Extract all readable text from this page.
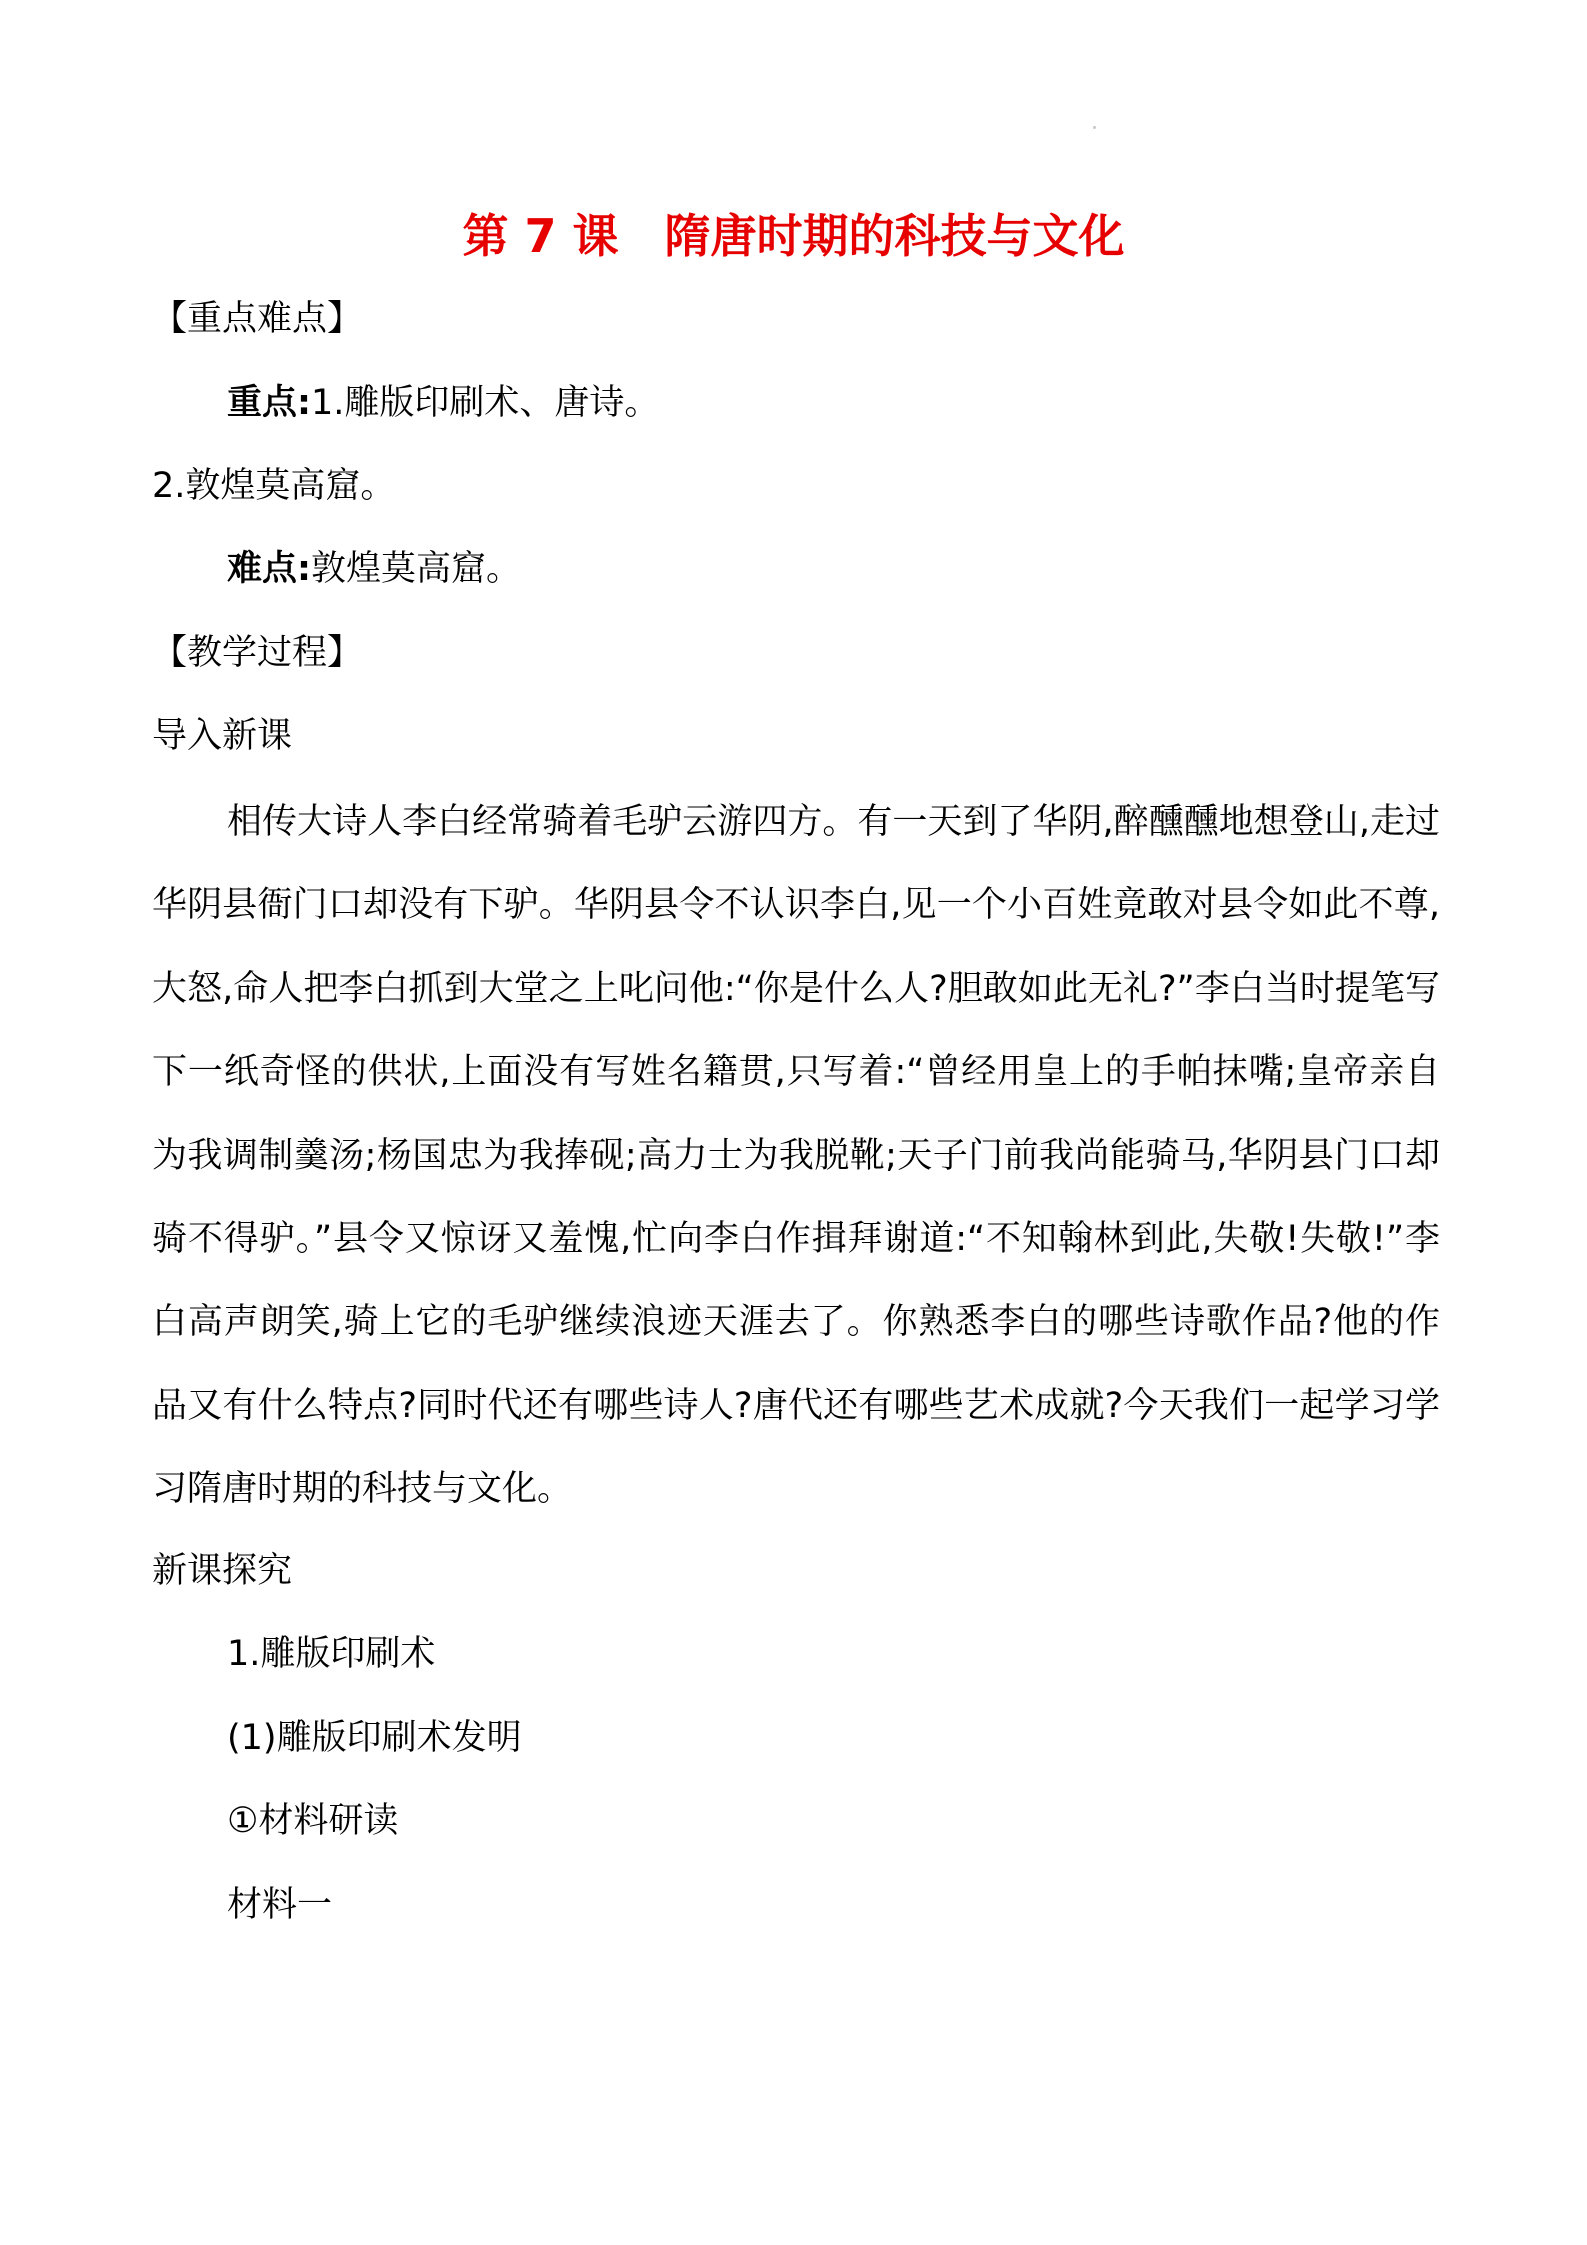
第 7 课 隋唐时期的科技与文化
【重点难点】
重点:1.雕版印刷术、唐诗。
2.敦煌莫高窟。
难点:敦煌莫高窟。
【教学过程】
导入新课

相传大诗人李白经常骑着毛驴云游四方。有一天到了华阴,醉醺醺地想登山,走过华阴县衙门口却没有下驴。华阴县令不认识李白,见一个小百姓竟敢对县令如此不尊,大怒,命人把李白抓到大堂之上叱问他:“你是什么人?胆敢如此无礼?”李白当时提笔写下一纸奇怪的供状,上面没有写姓名籍贯,只写着:“曾经用皇上的手帕抹嘴;皇帝亲自为我调制羹汤;杨国忠为我捧砚;高力士为我脱靴;天子门前我尚能骑马,华阴县门口却骑不得驴。”县令又惊讶又羞愧,忙向李白作揖拜谢道:“不知翰林到此,失敬!失敬!”李白高声朗笑,骑上它的毛驴继续浪迹天涯去了。你熟悉李白的哪些诗歌作品?他的作品又有什么特点?同时代还有哪些诗人?唐代还有哪些艺术成就?今天我们一起学习学习隋唐时期的科技与文化。

新课探究
1.雕版印刷术
(1)雕版印刷术发明
①材料研读
材料一
